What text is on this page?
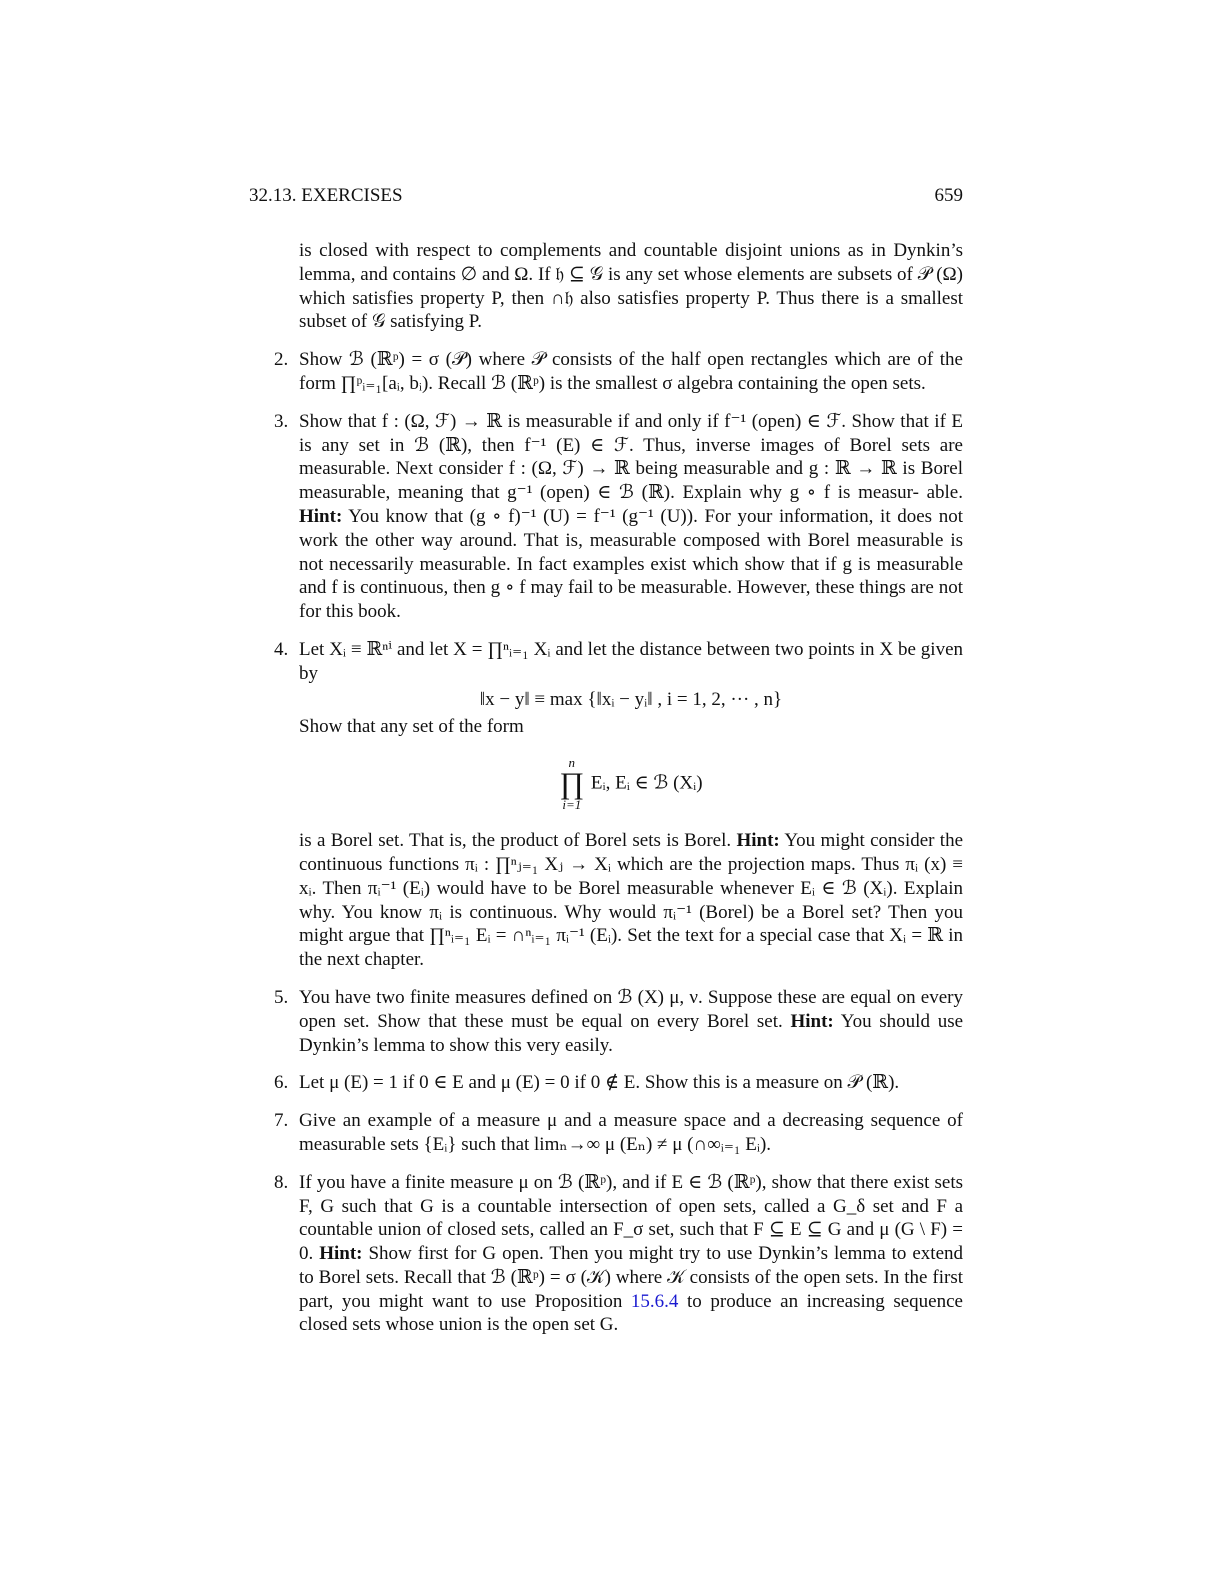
32.13. EXERCISES	659

is closed with respect to complements and countable disjoint unions as in Dynkin’s lemma, and contains ∅ and Ω. If 𝔥 ⊆ 𝒢 is any set whose elements are subsets of 𝒫 (Ω) which satisfies property P, then ∩𝔥 also satisfies property P. Thus there is a smallest subset of 𝒢 satisfying P.

2. Show ℬ (ℝᵖ) = σ (𝒫) where 𝒫 consists of the half open rectangles which are of the form ∏ᵖᵢ₌₁[aᵢ, bᵢ). Recall ℬ (ℝᵖ) is the smallest σ algebra containing the open sets.

3. Show that f : (Ω, ℱ) → ℝ is measurable if and only if f⁻¹ (open) ∈ ℱ. Show that if E is any set in ℬ (ℝ), then f⁻¹ (E) ∈ ℱ. Thus, inverse images of Borel sets are measurable. Next consider f : (Ω, ℱ) → ℝ being measurable and g : ℝ → ℝ is Borel measurable, meaning that g⁻¹ (open) ∈ ℬ (ℝ). Explain why g ∘ f is measur- able. Hint: You know that (g ∘ f)⁻¹ (U) = f⁻¹ (g⁻¹ (U)). For your information, it does not work the other way around. That is, measurable composed with Borel measurable is not necessarily measurable. In fact examples exist which show that if g is measurable and f is continuous, then g ∘ f may fail to be measurable. However, these things are not for this book.

4. Let Xᵢ ≡ ℝⁿⁱ and let X = ∏ⁿᵢ₌₁ Xᵢ and let the distance between two points in X be given by

‖x − y‖ ≡ max {‖xᵢ − yᵢ‖ , i = 1, 2, ··· , n}

Show that any set of the form

n
∏
i=1
Eᵢ, Eᵢ ∈ ℬ (Xᵢ)

is a Borel set. That is, the product of Borel sets is Borel. Hint: You might consider the continuous functions πᵢ : ∏ⁿⱼ₌₁ Xⱼ → Xᵢ which are the projection maps. Thus πᵢ (x) ≡ xᵢ. Then πᵢ⁻¹ (Eᵢ) would have to be Borel measurable whenever Eᵢ ∈ ℬ (Xᵢ). Explain why. You know πᵢ is continuous. Why would πᵢ⁻¹ (Borel) be a Borel set? Then you might argue that ∏ⁿᵢ₌₁ Eᵢ = ∩ⁿᵢ₌₁ πᵢ⁻¹ (Eᵢ). Set the text for a special case that Xᵢ = ℝ in the next chapter.

5. You have two finite measures defined on ℬ (X) μ, ν. Suppose these are equal on every open set. Show that these must be equal on every Borel set. Hint: You should use Dynkin’s lemma to show this very easily.

6. Let μ (E) = 1 if 0 ∈ E and μ (E) = 0 if 0 ∉ E. Show this is a measure on 𝒫 (ℝ).

7. Give an example of a measure μ and a measure space and a decreasing sequence of measurable sets {Eᵢ} such that limₙ→∞ μ (Eₙ) ≠ μ (∩∞ᵢ₌₁ Eᵢ).

8. If you have a finite measure μ on ℬ (ℝᵖ), and if E ∈ ℬ (ℝᵖ), show that there exist sets F, G such that G is a countable intersection of open sets, called a G_δ set and F a countable union of closed sets, called an F_σ set, such that F ⊆ E ⊆ G and μ (G \ F) = 0. Hint: Show first for G open. Then you might try to use Dynkin’s lemma to extend to Borel sets. Recall that ℬ (ℝᵖ) = σ (𝒦) where 𝒦 consists of the open sets. In the first part, you might want to use Proposition 15.6.4 to produce an increasing sequence closed sets whose union is the open set G.
